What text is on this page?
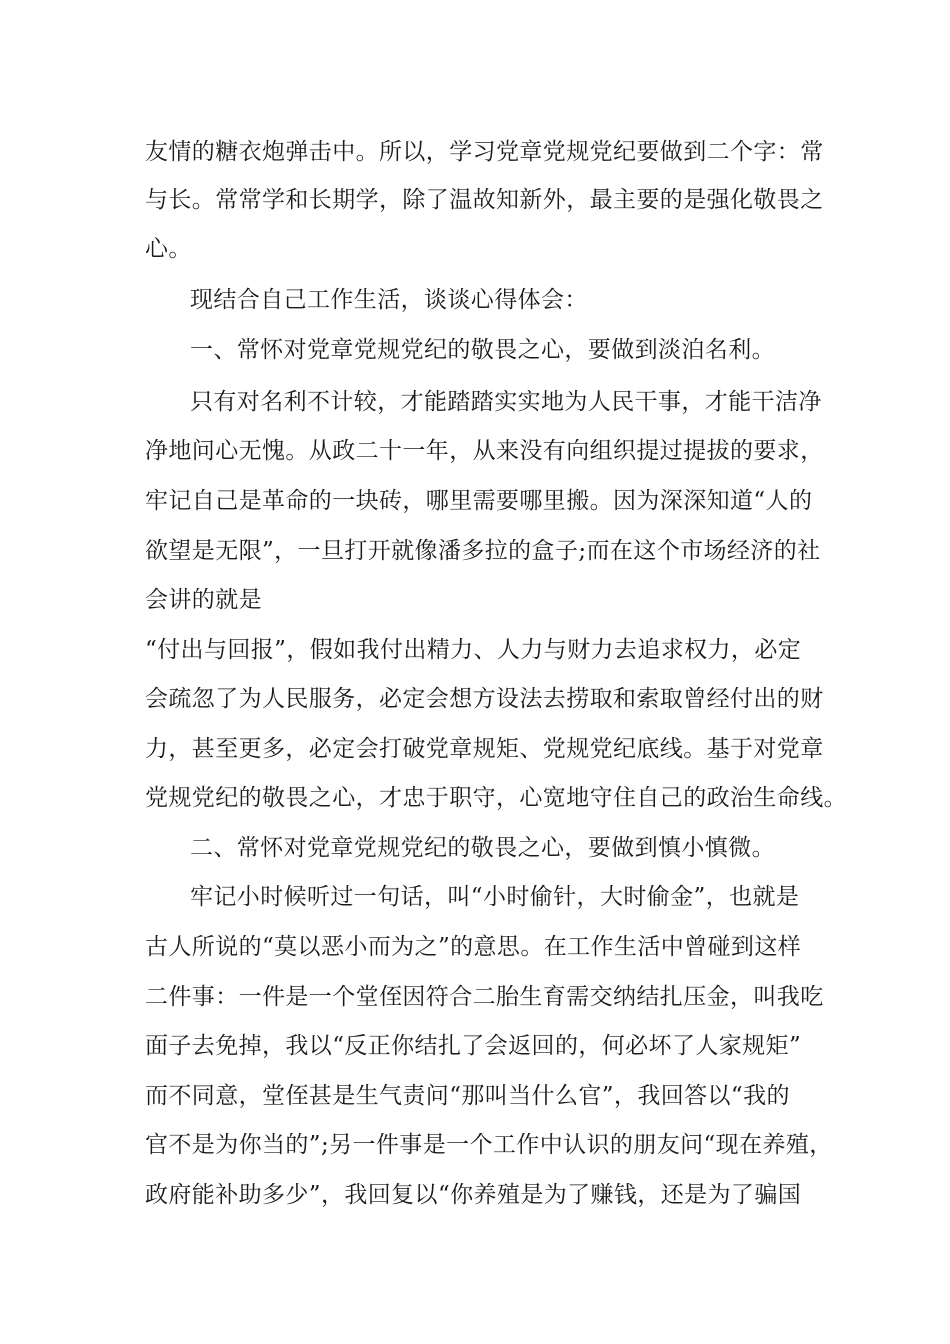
友情的糖衣炮弹击中。所以，学习党章党规党纪要做到二个字：常
与长。常常学和长期学，除了温故知新外，最主要的是强化敬畏之
心。
现结合自己工作生活，谈谈心得体会：
一、常怀对党章党规党纪的敬畏之心，要做到淡泊名利。
只有对名利不计较，才能踏踏实实地为人民干事，才能干洁净
净地问心无愧。从政二十一年，从来没有向组织提过提拔的要求，
牢记自己是革命的一块砖，哪里需要哪里搬。因为深深知道“人的
欲望是无限”，一旦打开就像潘多拉的盒子;而在这个市场经济的社
会讲的就是
“付出与回报”，假如我付出精力、人力与财力去追求权力，必定
会疏忽了为人民服务，必定会想方设法去捞取和索取曾经付出的财
力，甚至更多，必定会打破党章规矩、党规党纪底线。基于对党章
党规党纪的敬畏之心，才忠于职守，心宽地守住自己的政治生命线。
二、常怀对党章党规党纪的敬畏之心，要做到慎小慎微。
牢记小时候听过一句话，叫“小时偷针，大时偷金”，也就是
古人所说的“莫以恶小而为之”的意思。在工作生活中曾碰到这样
二件事：一件是一个堂侄因符合二胎生育需交纳结扎压金，叫我吃
面子去免掉，我以“反正你结扎了会返回的，何必坏了人家规矩”
而不同意，堂侄甚是生气责问“那叫当什么官”，我回答以“我的
官不是为你当的”;另一件事是一个工作中认识的朋友问“现在养殖，
政府能补助多少”，我回复以“你养殖是为了赚钱，还是为了骗国
